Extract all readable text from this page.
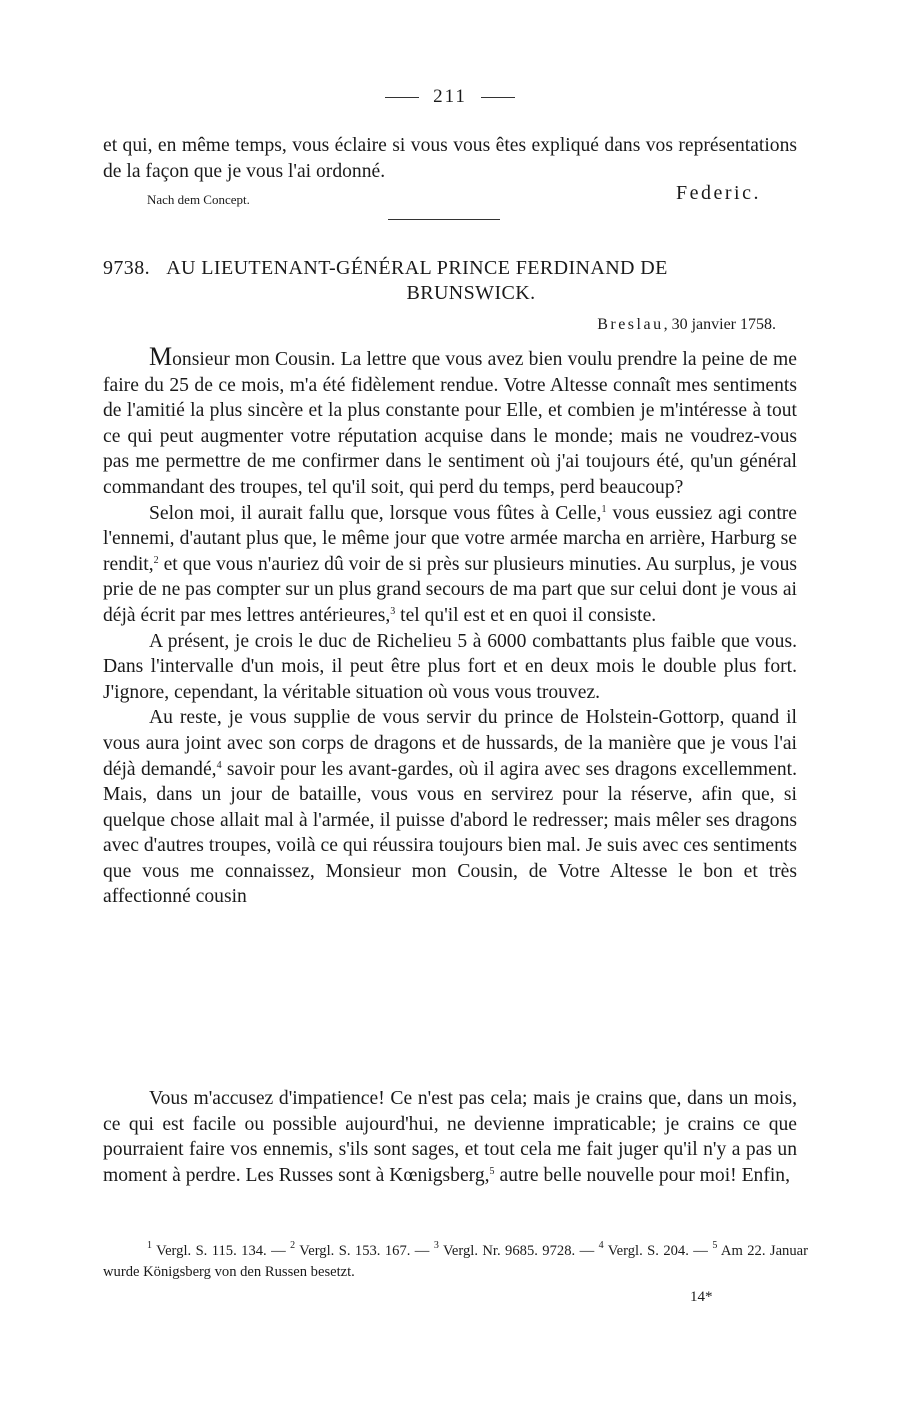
211

et qui, en même temps, vous éclaire si vous vous êtes expliqué dans vos représentations de la façon que je vous l'ai ordonné.

Nach dem Concept.	Federic.
9738. AU LIEUTENANT-GÉNÉRAL PRINCE FERDINAND DE
BRUNSWICK.
Breslau, 30 janvier 1758.

Monsieur mon Cousin. La lettre que vous avez bien voulu prendre la peine de me faire du 25 de ce mois, m'a été fidèlement rendue. Votre Altesse connaît mes sentiments de l'amitié la plus sincère et la plus constante pour Elle, et combien je m'intéresse à tout ce qui peut augmenter votre réputation acquise dans le monde; mais ne voudrez-vous pas me permettre de me confirmer dans le sentiment où j'ai toujours été, qu'un général commandant des troupes, tel qu'il soit, qui perd du temps, perd beaucoup?

Selon moi, il aurait fallu que, lorsque vous fûtes à Celle,$^1$ vous eussiez agi contre l'ennemi, d'autant plus que, le même jour que votre armée marcha en arrière, Harburg se rendit,$^2$ et que vous n'auriez dû voir de si près sur plusieurs minuties. Au surplus, je vous prie de ne pas compter sur un plus grand secours de ma part que sur celui dont je vous ai déjà écrit par mes lettres antérieures,$^3$ tel qu'il est et en quoi il consiste.

A présent, je crois le duc de Richelieu 5 à 6000 combattants plus faible que vous. Dans l'intervalle d'un mois, il peut être plus fort et en deux mois le double plus fort. J'ignore, cependant, la véritable situation où vous vous trouvez.

Au reste, je vous supplie de vous servir du prince de Holstein-Gottorp, quand il vous aura joint avec son corps de dragons et de hussards, de la manière que je vous l'ai déjà demandé,$^4$ savoir pour les avant-gardes, où il agira avec ses dragons excellemment. Mais, dans un jour de bataille, vous vous en servirez pour la réserve, afin que, si quelque chose allait mal à l'armée, il puisse d'abord le redresser; mais mêler ses dragons avec d'autres troupes, voilà ce qui réussira toujours bien mal. Je suis avec ces sentiments que vous me connaissez, Monsieur mon Cousin, de Votre Altesse le bon et très affectionné cousin

Vous m'accusez d'impatience! Ce n'est pas cela; mais je crains que, dans un mois, ce qui est facile ou possible aujourd'hui, ne devienne impraticable; je crains ce que pourraient faire vos ennemis, s'ils sont sages, et tout cela me fait juger qu'il n'y a pas un moment à perdre. Les Russes sont à Kœnigsberg,$^5$ autre belle nouvelle pour moi! Enfin,

$^1$ Vergl. S. 115. 134. — $^2$ Vergl. S. 153. 167. — $^3$ Vergl. Nr. 9685. 9728. — $^4$ Vergl. S. 204. — $^5$ Am 22. Januar wurde Königsberg von den Russen besetzt.
14*
